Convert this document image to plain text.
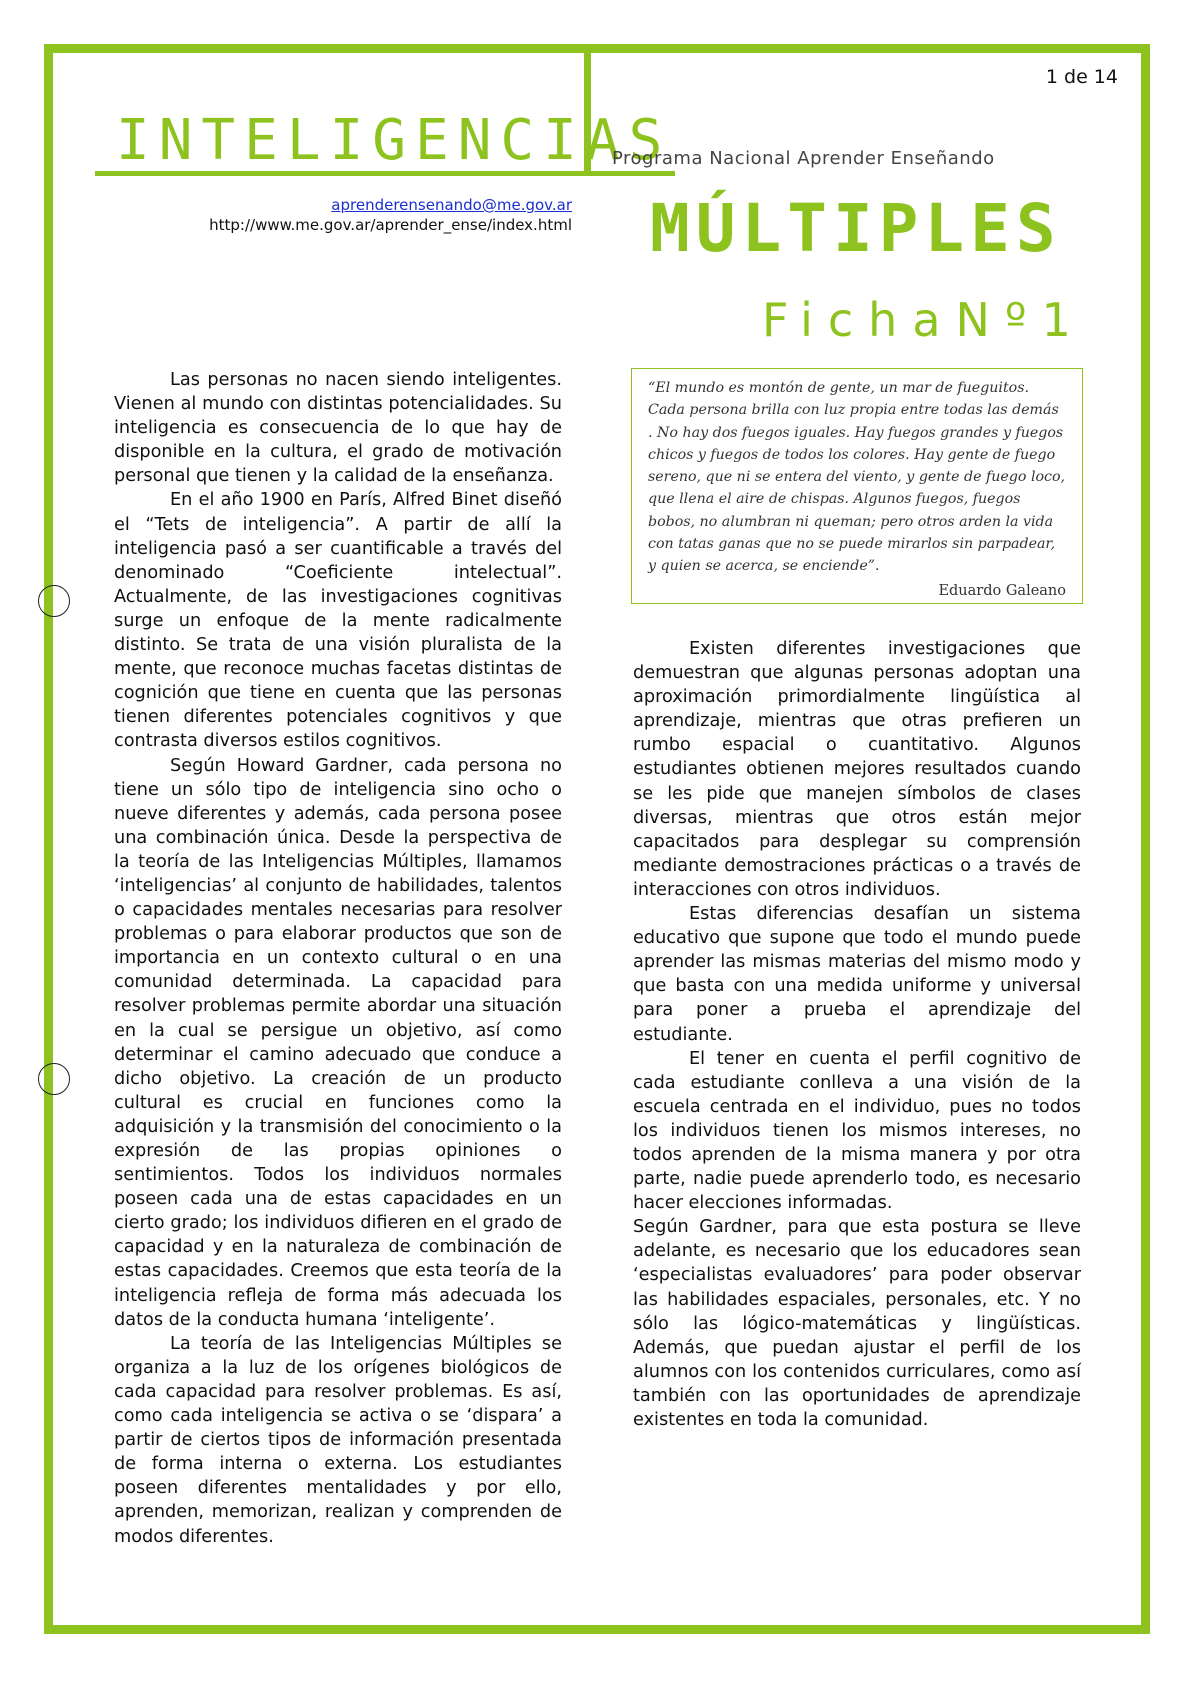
1 de 14
INTELIGENCIAS
Programa Nacional Aprender Enseñando
aprenderensenando@me.gov.ar
http://www.me.gov.ar/aprender_ense/index.html MÚLTIPLES
FichaNº1

Las personas no nacen siendo inteligentes. Vienen al mundo con distintas potencialidades. Su inteligencia es consecuencia de lo que hay de disponible en la cultura, el grado de motivación personal que tienen y la calidad de la enseñanza.

En el año 1900 en París, Alfred Binet diseñó el “Tets de inteligencia”. A partir de allí la inteligencia pasó a ser cuantificable a través del denominado “Coeficiente intelectual”. Actualmente, de las investigaciones cognitivas surge un enfoque de la mente radicalmente distinto. Se trata de una visión pluralista de la mente, que reconoce muchas facetas distintas de cognición que tiene en cuenta que las personas tienen diferentes potenciales cognitivos y que contrasta diversos estilos cognitivos.

Según Howard Gardner, cada persona no tiene un sólo tipo de inteligencia sino ocho o nueve diferentes y además, cada persona posee una combinación única. Desde la perspectiva de la teoría de las Inteligencias Múltiples, llamamos ‘inteligencias’ al conjunto de habilidades, talentos o capacidades mentales necesarias para resolver problemas o para elaborar productos que son de importancia en un contexto cultural o en una comunidad determinada. La capacidad para resolver problemas permite abordar una situación en la cual se persigue un objetivo, así como determinar el camino adecuado que conduce a dicho objetivo. La creación de un producto cultural es crucial en funciones como la adquisición y la transmisión del conocimiento o la expresión de las propias opiniones o sentimientos. Todos los individuos normales poseen cada una de estas capacidades en un cierto grado; los individuos difieren en el grado de capacidad y en la naturaleza de combinación de estas capacidades. Creemos que esta teoría de la inteligencia refleja de forma más adecuada los datos de la conducta humana ‘inteligente’.

La teoría de las Inteligencias Múltiples se organiza a la luz de los orígenes biológicos de cada capacidad para resolver problemas. Es así, como cada inteligencia se activa o se ‘dispara’ a partir de ciertos tipos de información presentada de forma interna o externa. Los estudiantes poseen diferentes mentalidades y por ello, aprenden, memorizan, realizan y comprenden de modos diferentes.

“El mundo es montón de gente, un mar de fueguitos. Cada persona brilla con luz propia entre todas las demás . No hay dos fuegos iguales. Hay fuegos grandes y fuegos chicos y fuegos de todos los colores. Hay gente de fuego sereno, que ni se entera del viento, y gente de fuego loco, que llena el aire de chispas. Algunos fuegos, fuegos bobos, no alumbran ni queman; pero otros arden la vida con tatas ganas que no se puede mirarlos sin parpadear, y quien se acerca, se enciende”.
Eduardo Galeano

Existen diferentes investigaciones que demuestran que algunas personas adoptan una aproximación primordialmente lingüística al aprendizaje, mientras que otras prefieren un rumbo espacial o cuantitativo. Algunos estudiantes obtienen mejores resultados cuando se les pide que manejen símbolos de clases diversas, mientras que otros están mejor capacitados para desplegar su comprensión mediante demostraciones prácticas o a través de interacciones con otros individuos.

Estas diferencias desafían un sistema educativo que supone que todo el mundo puede aprender las mismas materias del mismo modo y que basta con una medida uniforme y universal para poner a prueba el aprendizaje del estudiante.

El tener en cuenta el perfil cognitivo de cada estudiante conlleva a una visión de la escuela centrada en el individuo, pues no todos los individuos tienen los mismos intereses, no todos aprenden de la misma manera y por otra parte, nadie puede aprenderlo todo, es necesario hacer elecciones informadas.

Según Gardner, para que esta postura se lleve adelante, es necesario que los educadores sean ‘especialistas evaluadores’ para poder observar las habilidades espaciales, personales, etc. Y no sólo las lógico-matemáticas y lingüísticas. Además, que puedan ajustar el perfil de los alumnos con los contenidos curriculares, como así también con las oportunidades de aprendizaje existentes en toda la comunidad.
